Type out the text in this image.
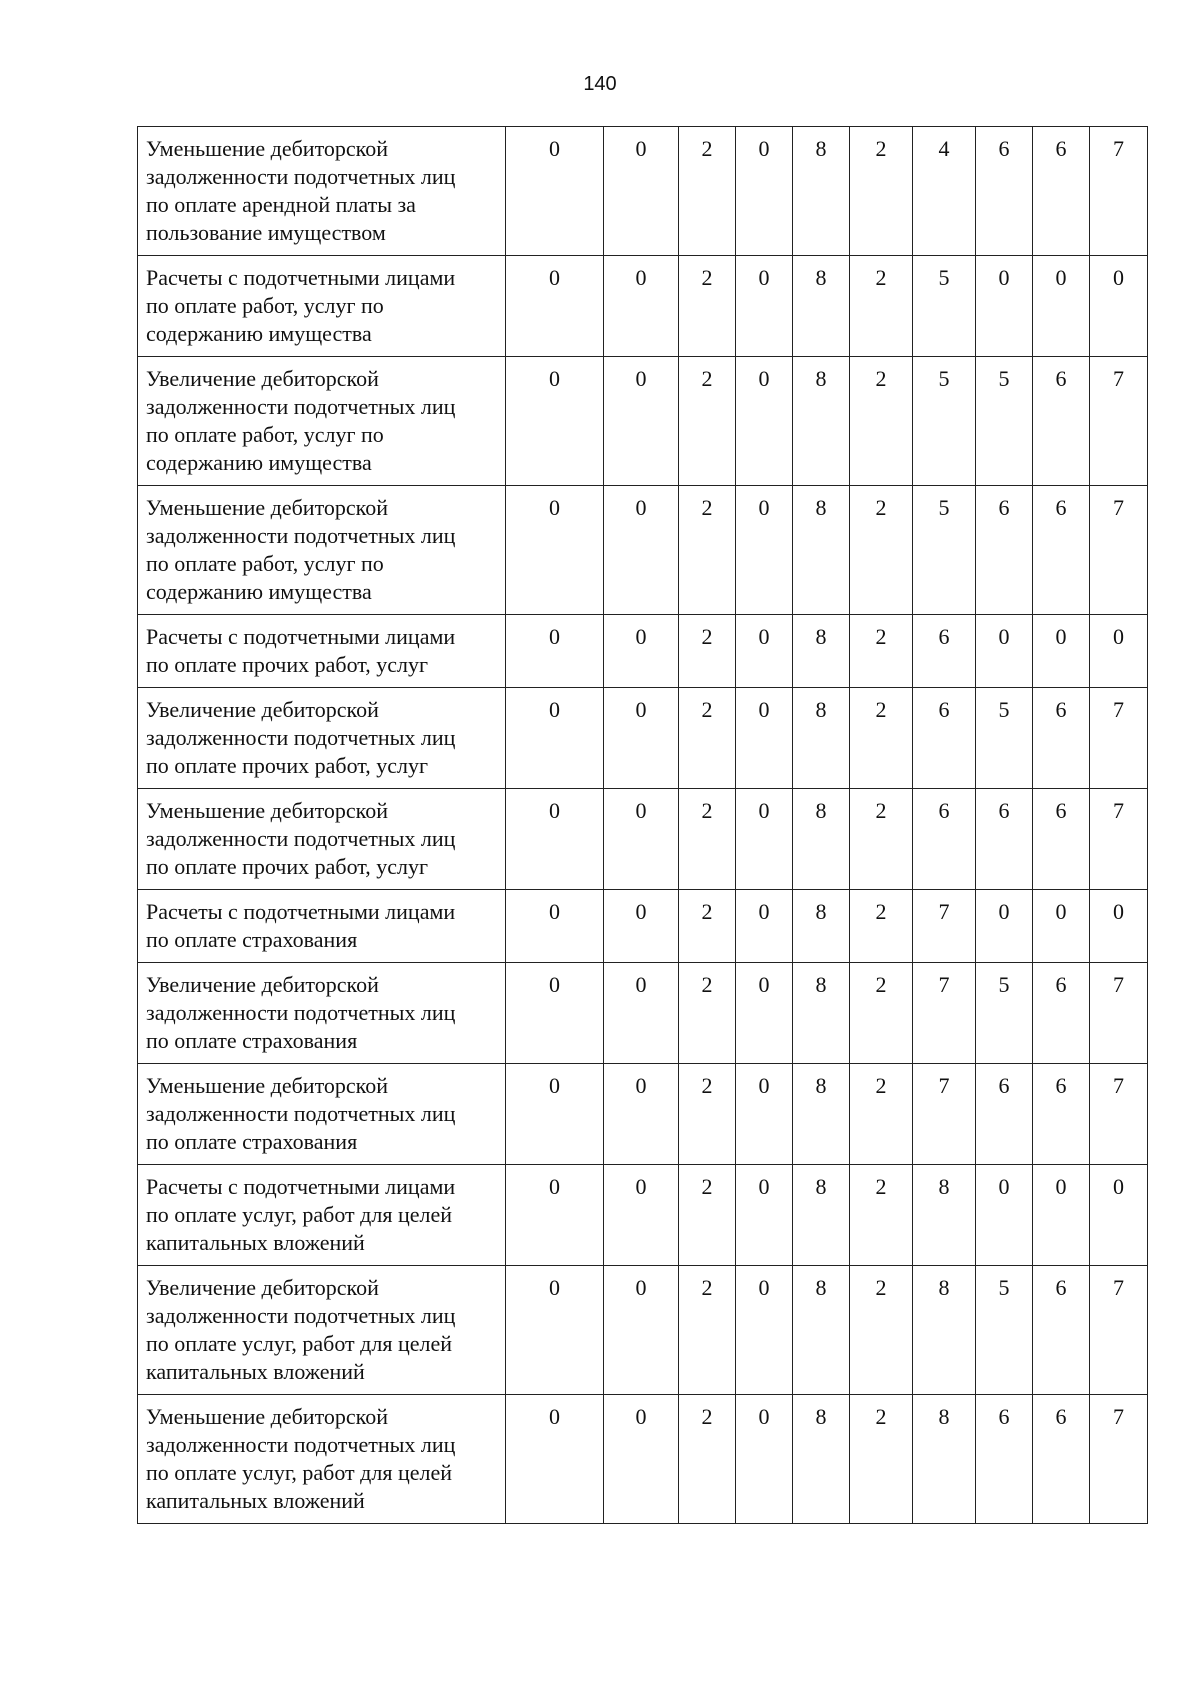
140
Уменьшение дебиторской
задолженности подотчетных лиц
по оплате арендной платы за
пользование имуществом	0	0	2	0	8	2	4	6	6	7

Расчеты с подотчетными лицами
по оплате работ, услуг по
содержанию имущества	0	0	2	0	8	2	5	0	0	0

Увеличение дебиторской
задолженности подотчетных лиц
по оплате работ, услуг по
содержанию имущества	0	0	2	0	8	2	5	5	6	7

Уменьшение дебиторской
задолженности подотчетных лиц
по оплате работ, услуг по
содержанию имущества	0	0	2	0	8	2	5	6	6	7

Расчеты с подотчетными лицами
по оплате прочих работ, услуг	0	0	2	0	8	2	6	0	0	0

Увеличение дебиторской
задолженности подотчетных лиц
по оплате прочих работ, услуг	0	0	2	0	8	2	6	5	6	7

Уменьшение дебиторской
задолженности подотчетных лиц
по оплате прочих работ, услуг	0	0	2	0	8	2	6	6	6	7

Расчеты с подотчетными лицами
по оплате страхования	0	0	2	0	8	2	7	0	0	0

Увеличение дебиторской
задолженности подотчетных лиц
по оплате страхования	0	0	2	0	8	2	7	5	6	7

Уменьшение дебиторской
задолженности подотчетных лиц
по оплате страхования	0	0	2	0	8	2	7	6	6	7

Расчеты с подотчетными лицами
по оплате услуг, работ для целей
капитальных вложений	0	0	2	0	8	2	8	0	0	0

Увеличение дебиторской
задолженности подотчетных лиц
по оплате услуг, работ для целей
капитальных вложений	0	0	2	0	8	2	8	5	6	7

Уменьшение дебиторской
задолженности подотчетных лиц
по оплате услуг, работ для целей
капитальных вложений	0	0	2	0	8	2	8	6	6	7
